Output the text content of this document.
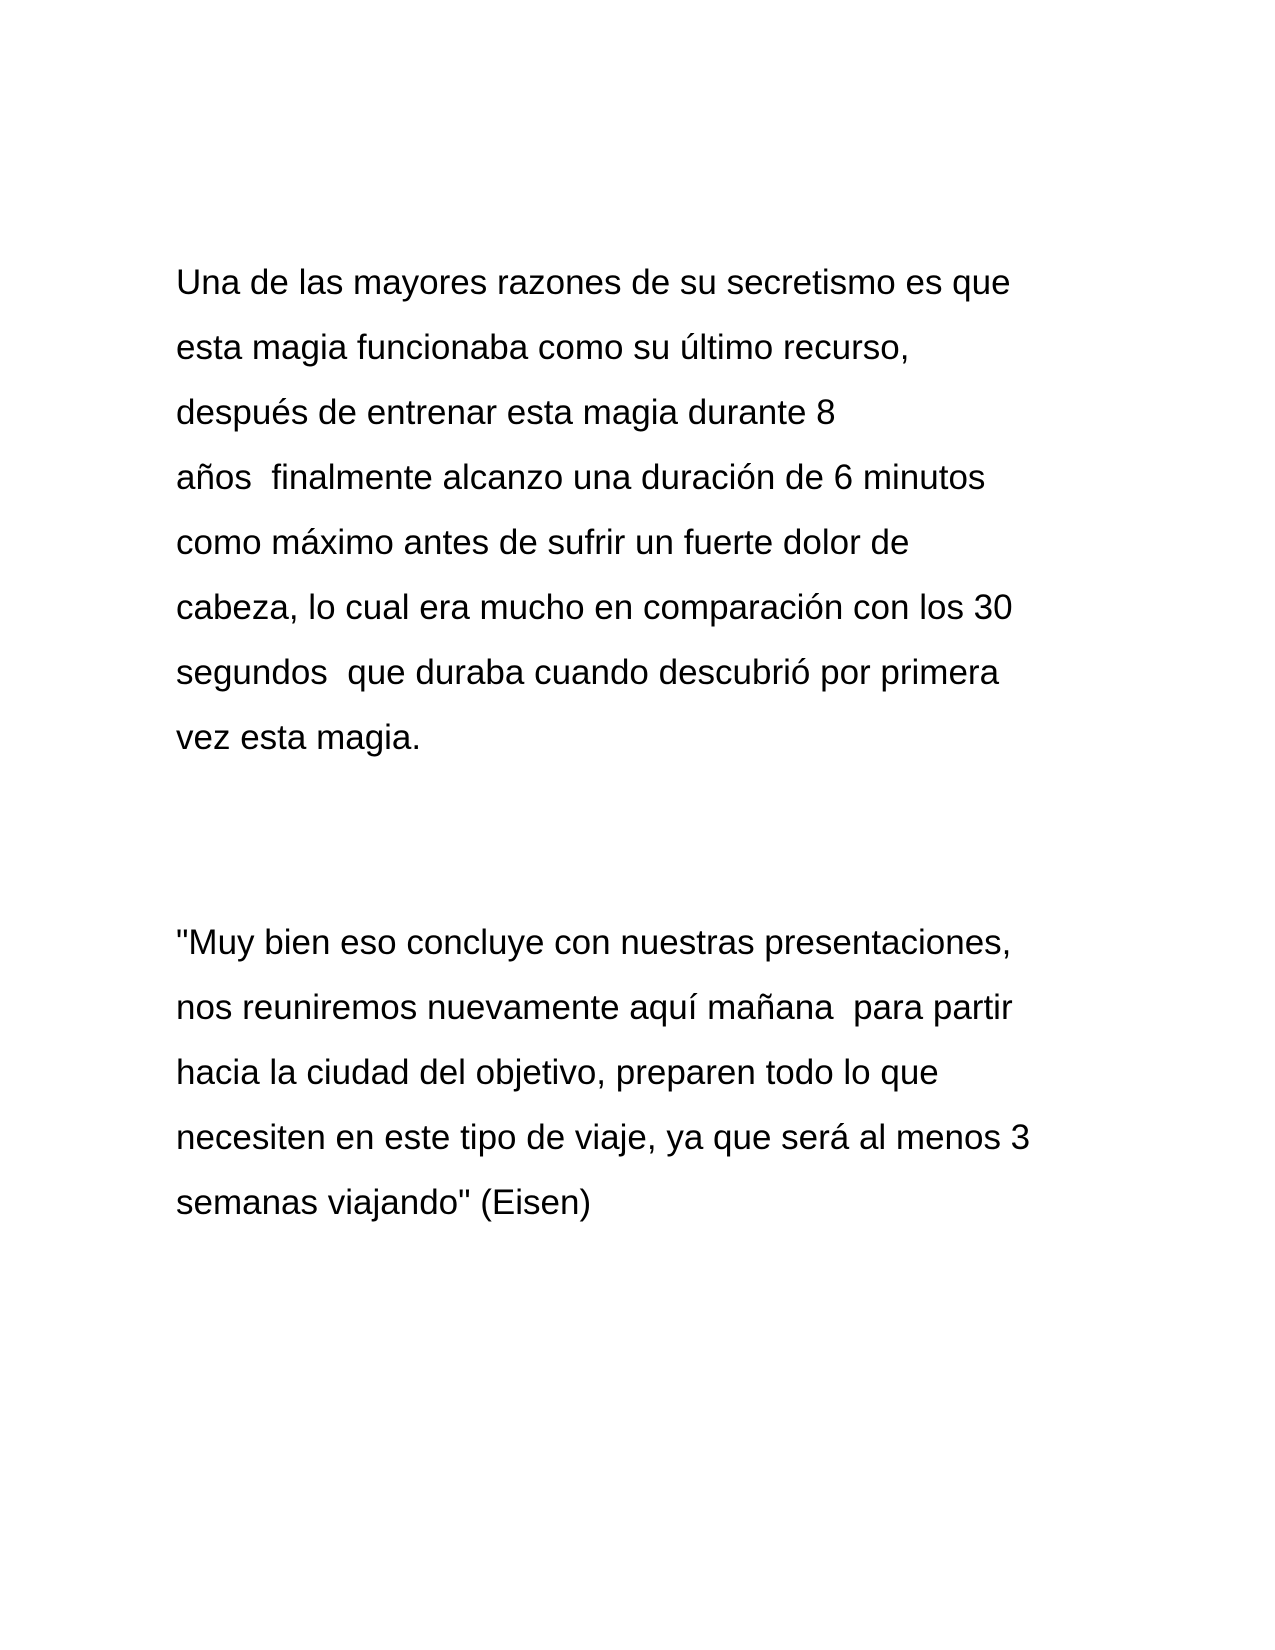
Una de las mayores razones de su secretismo es que
esta magia funcionaba como su último recurso,
después de entrenar esta magia durante 8
años  finalmente alcanzo una duración de 6 minutos
como máximo antes de sufrir un fuerte dolor de
cabeza, lo cual era mucho en comparación con los 30
segundos  que duraba cuando descubrió por primera
vez esta magia.

"Muy bien eso concluye con nuestras presentaciones,
nos reuniremos nuevamente aquí mañana  para partir
hacia la ciudad del objetivo, preparen todo lo que
necesiten en este tipo de viaje, ya que será al menos 3
semanas viajando" (Eisen)
